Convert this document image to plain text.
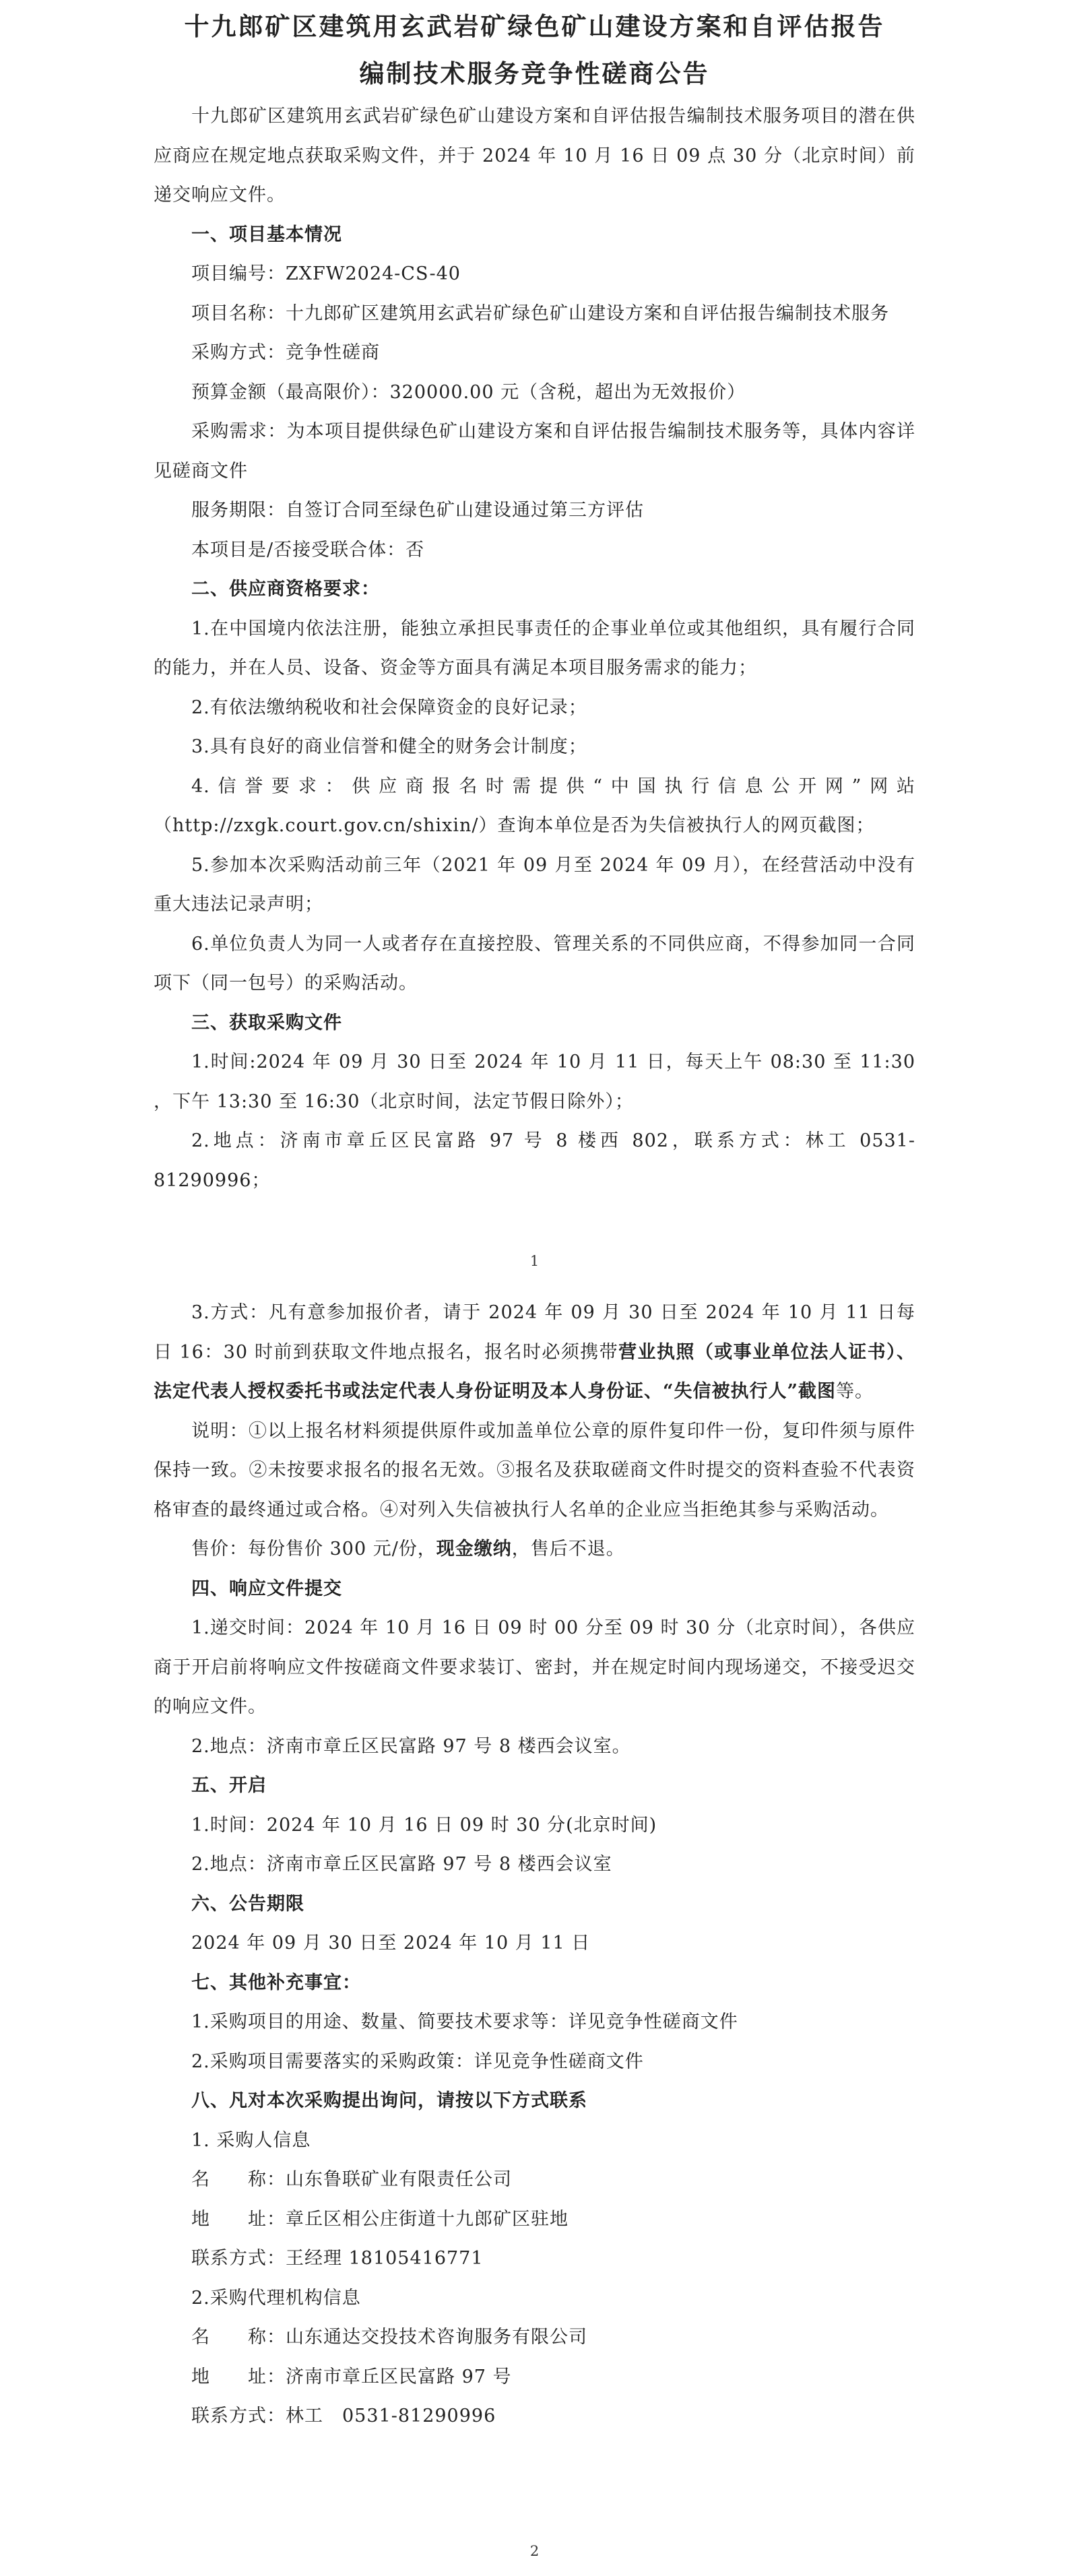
十九郎矿区建筑用玄武岩矿绿色矿山建设方案和自评估报告
编制技术服务竞争性磋商公告

十九郎矿区建筑用玄武岩矿绿色矿山建设方案和自评估报告编制技术服务项目的潜在供应商应在规定地点获取采购文件，并于 2024 年 10 月 16 日 09 点 30 分（北京时间）前递交响应文件。

一、项目基本情况

项目编号：ZXFW2024-CS-40

项目名称：十九郎矿区建筑用玄武岩矿绿色矿山建设方案和自评估报告编制技术服务

采购方式：竞争性磋商

预算金额（最高限价）：320000.00 元（含税，超出为无效报价）

采购需求：为本项目提供绿色矿山建设方案和自评估报告编制技术服务等，具体内容详见磋商文件

服务期限：自签订合同至绿色矿山建设通过第三方评估

本项目是/否接受联合体：否

二、供应商资格要求：

1.在中国境内依法注册，能独立承担民事责任的企事业单位或其他组织，具有履行合同的能力，并在人员、设备、资金等方面具有满足本项目服务需求的能力；

2.有依法缴纳税收和社会保障资金的良好记录；

3.具有良好的商业信誉和健全的财务会计制度；

4.信誉要求：供应商报名时需提供“中国执行信息公开网”网站（http://zxgk.court.gov.cn/shixin/）查询本单位是否为失信被执行人的网页截图；

5.参加本次采购活动前三年（2021 年 09 月至 2024 年 09 月），在经营活动中没有重大违法记录声明；

6.单位负责人为同一人或者存在直接控股、管理关系的不同供应商，不得参加同一合同项下（同一包号）的采购活动。

三、获取采购文件

1.时间:2024 年 09 月 30 日至 2024 年 10 月 11 日，每天上午 08:30 至 11:30 ，下午 13:30 至 16:30（北京时间，法定节假日除外）；

2.地点：济南市章丘区民富路 97 号 8 楼西 802，联系方式：林工 0531-81290996；

1

3.方式：凡有意参加报价者，请于 2024 年 09 月 30 日至 2024 年 10 月 11 日每日 16：30 时前到获取文件地点报名，报名时必须携带营业执照（或事业单位法人证书）、法定代表人授权委托书或法定代表人身份证明及本人身份证、“失信被执行人”截图等。

说明：①以上报名材料须提供原件或加盖单位公章的原件复印件一份，复印件须与原件保持一致。②未按要求报名的报名无效。③报名及获取磋商文件时提交的资料查验不代表资格审查的最终通过或合格。④对列入失信被执行人名单的企业应当拒绝其参与采购活动。

售价：每份售价 300 元/份，现金缴纳，售后不退。

四、响应文件提交

1.递交时间：2024 年 10 月 16 日 09 时 00 分至 09 时 30 分（北京时间），各供应商于开启前将响应文件按磋商文件要求装订、密封，并在规定时间内现场递交，不接受迟交的响应文件。

2.地点：济南市章丘区民富路 97 号 8 楼西会议室。

五、开启

1.时间：2024 年 10 月 16 日 09 时 30 分(北京时间)

2.地点：济南市章丘区民富路 97 号 8 楼西会议室

六、公告期限

2024 年 09 月 30 日至 2024 年 10 月 11 日

七、其他补充事宜：

1.采购项目的用途、数量、简要技术要求等：详见竞争性磋商文件

2.采购项目需要落实的采购政策：详见竞争性磋商文件

八、凡对本次采购提出询问，请按以下方式联系

1. 采购人信息

名　　称：山东鲁联矿业有限责任公司

地　　址：章丘区相公庄街道十九郎矿区驻地

联系方式：王经理 18105416771

2.采购代理机构信息

名　　称：山东通达交投技术咨询服务有限公司

地　　址：济南市章丘区民富路 97 号

联系方式：林工　0531-81290996

2
